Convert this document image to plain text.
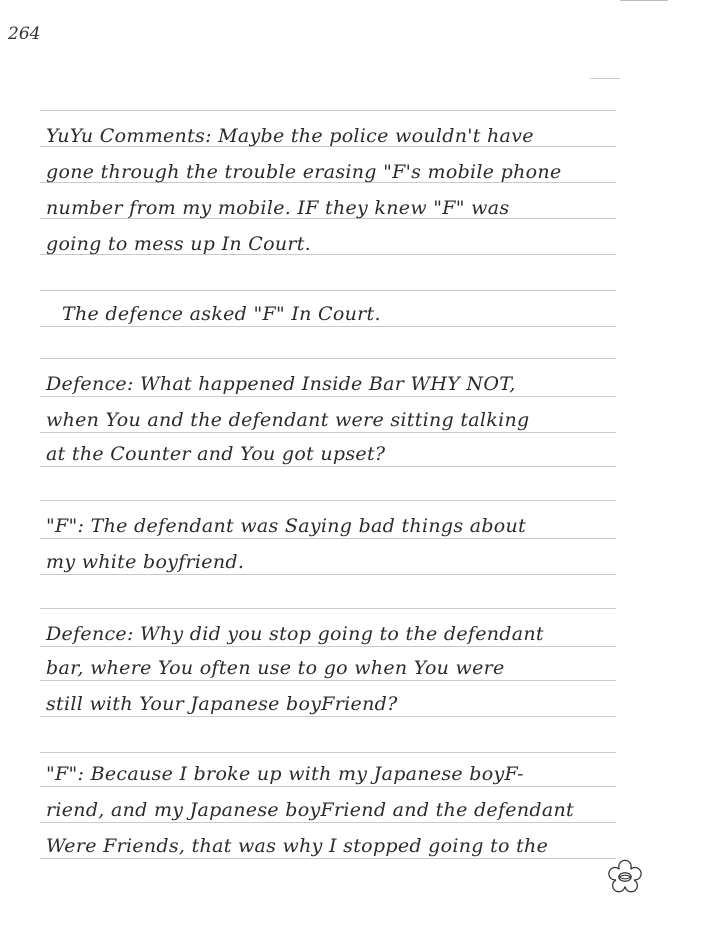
264
YuYu Comments: Maybe the police wouldn't have
gone through the trouble erasing "F's mobile phone
number from my mobile. IF they knew "F" was
going to mess up In Court.
The defence asked "F" In Court.
Defence: What happened Inside Bar WHY NOT,
when You and the defendant were sitting talking
at the Counter and You got upset?
"F": The defendant was Saying bad things about
my white boyfriend.
Defence: Why did you stop going to the defendant
bar, where You often use to go when You were
still with Your Japanese boyFriend?
"F": Because I broke up with my Japanese boyF-
riend, and my Japanese boyFriend and the defendant
Were Friends, that was why I stopped going to the
